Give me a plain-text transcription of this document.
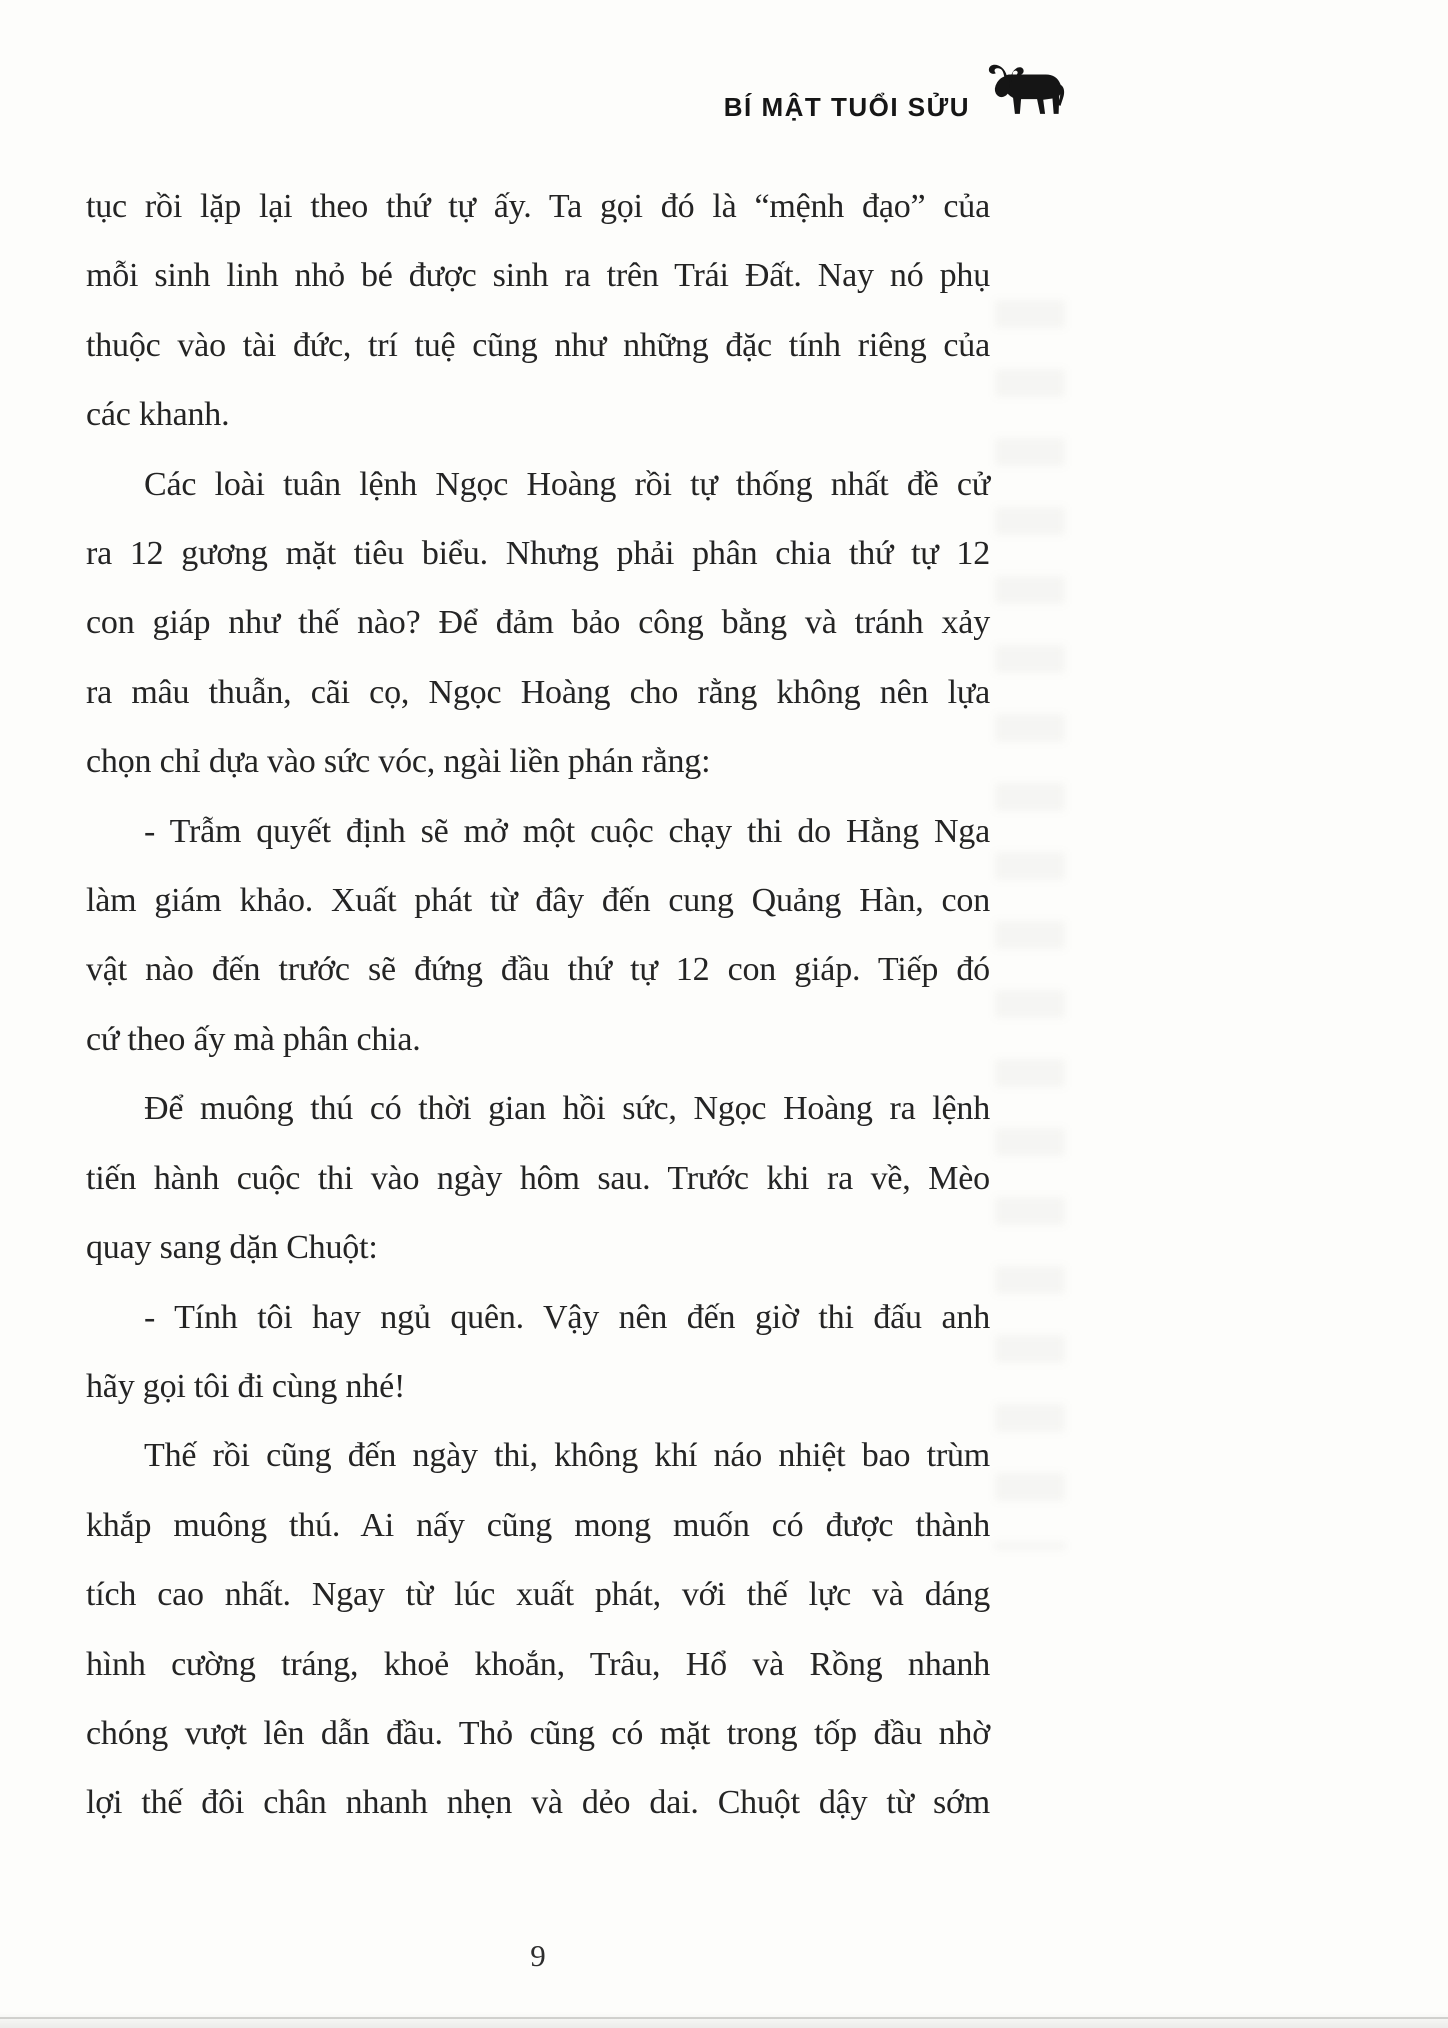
BÍ MẬT TUỔI SỬU
tục rồi lặp lại theo thứ tự ấy. Ta gọi đó là “mệnh đạo” của
mỗi sinh linh nhỏ bé được sinh ra trên Trái Đất. Nay nó phụ
thuộc vào tài đức, trí tuệ cũng như những đặc tính riêng của
các khanh.
Các loài tuân lệnh Ngọc Hoàng rồi tự thống nhất đề cử
ra 12 gương mặt tiêu biểu. Nhưng phải phân chia thứ tự 12
con giáp như thế nào? Để đảm bảo công bằng và tránh xảy
ra mâu thuẫn, cãi cọ, Ngọc Hoàng cho rằng không nên lựa
chọn chỉ dựa vào sức vóc, ngài liền phán rằng:
- Trẫm quyết định sẽ mở một cuộc chạy thi do Hằng Nga
làm giám khảo. Xuất phát từ đây đến cung Quảng Hàn, con
vật nào đến trước sẽ đứng đầu thứ tự 12 con giáp. Tiếp đó
cứ theo ấy mà phân chia.
Để muông thú có thời gian hồi sức, Ngọc Hoàng ra lệnh
tiến hành cuộc thi vào ngày hôm sau. Trước khi ra về, Mèo
quay sang dặn Chuột:
- Tính tôi hay ngủ quên. Vậy nên đến giờ thi đấu anh
hãy gọi tôi đi cùng nhé!
Thế rồi cũng đến ngày thi, không khí náo nhiệt bao trùm
khắp muông thú. Ai nấy cũng mong muốn có được thành
tích cao nhất. Ngay từ lúc xuất phát, với thế lực và dáng
hình cường tráng, khoẻ khoắn, Trâu, Hổ và Rồng nhanh
chóng vượt lên dẫn đầu. Thỏ cũng có mặt trong tốp đầu nhờ
lợi thế đôi chân nhanh nhẹn và dẻo dai. Chuột dậy từ sớm
9
